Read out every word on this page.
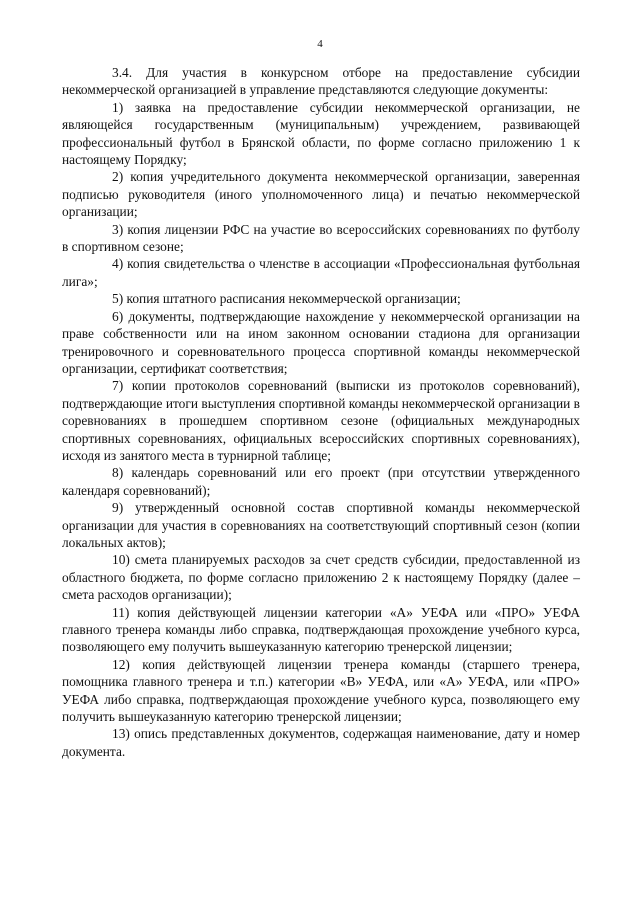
4

3.4. Для участия в конкурсном отборе на предоставление субсидии некоммерческой организацией в управление представляются следующие документы:

1) заявка на предоставление субсидии некоммерческой организации, не являющейся государственным (муниципальным) учреждением, развивающей профессиональный футбол в Брянской области, по форме согласно приложению 1 к настоящему Порядку;

2) копия учредительного документа некоммерческой организации, заверенная подписью руководителя (иного уполномоченного лица) и печатью некоммерческой организации;

3) копия лицензии РФС на участие во всероссийских соревнованиях по футболу в спортивном сезоне;

4) копия свидетельства о членстве в ассоциации «Профессиональная футбольная лига»;

5) копия штатного расписания некоммерческой организации;

6) документы, подтверждающие нахождение у некоммерческой организации на праве собственности или на ином законном основании стадиона для организации тренировочного и соревновательного процесса спортивной команды некоммерческой организации, сертификат соответствия;

7) копии протоколов соревнований (выписки из протоколов соревнований), подтверждающие итоги выступления спортивной команды некоммерческой организации в соревнованиях в прошедшем спортивном сезоне (официальных международных спортивных соревнованиях, официальных всероссийских спортивных соревнованиях), исходя из занятого места в турнирной таблице;

8) календарь соревнований или его проект (при отсутствии утвержденного календаря соревнований);

9) утвержденный основной состав спортивной команды некоммерческой организации для участия в соревнованиях на соответствующий спортивный сезон (копии локальных актов);

10) смета планируемых расходов за счет средств субсидии, предоставленной из областного бюджета, по форме согласно приложению 2 к настоящему Порядку (далее – смета расходов организации);

11) копия действующей лицензии категории «А» УЕФА или «ПРО» УЕФА главного тренера команды либо справка, подтверждающая прохождение учебного курса, позволяющего ему получить вышеуказанную категорию тренерской лицензии;

12) копия действующей лицензии тренера команды (старшего тренера, помощника главного тренера и т.п.) категории «В» УЕФА, или «А» УЕФА, или «ПРО» УЕФА либо справка, подтверждающая прохождение учебного курса, позволяющего ему получить вышеуказанную категорию тренерской лицензии;

13) опись представленных документов, содержащая наименование, дату и номер документа.
